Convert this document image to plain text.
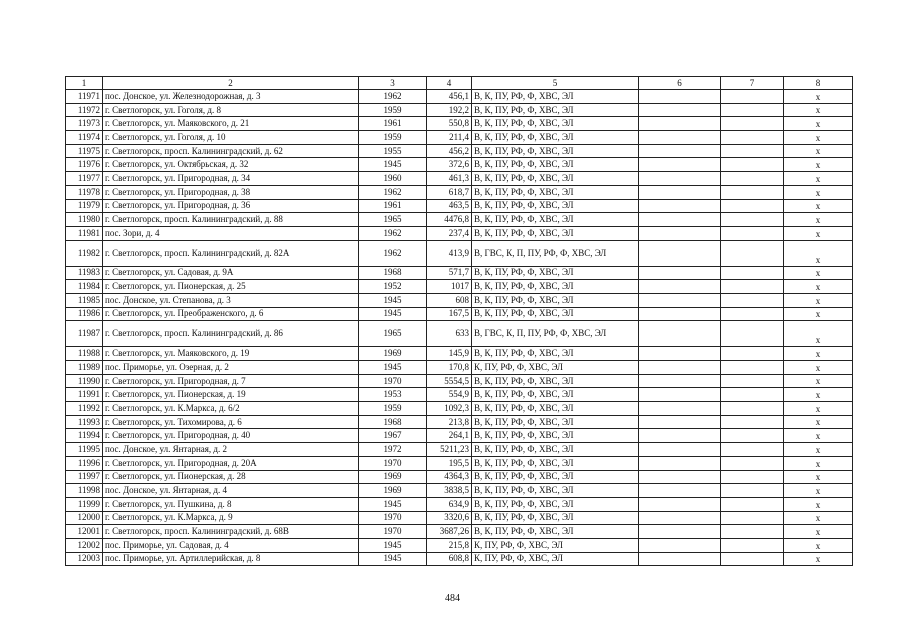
1	2	3	4	5	6	7	8
11971	пос. Донское, ул. Железнодорожная, д. 3	1962	456,1	В, К, ПУ, РФ, Ф, ХВС, ЭЛ			x
11972	г. Светлогорск, ул. Гоголя, д. 8	1959	192,2	В, К, ПУ, РФ, Ф, ХВС, ЭЛ			x
11973	г. Светлогорск, ул. Маяковского, д. 21	1961	550,8	В, К, ПУ, РФ, Ф, ХВС, ЭЛ			x
11974	г. Светлогорск, ул. Гоголя, д. 10	1959	211,4	В, К, ПУ, РФ, Ф, ХВС, ЭЛ			x
11975	г. Светлогорск, просп. Калининградский, д. 62	1955	456,2	В, К, ПУ, РФ, Ф, ХВС, ЭЛ			x
11976	г. Светлогорск, ул. Октябрьская, д. 32	1945	372,6	В, К, ПУ, РФ, Ф, ХВС, ЭЛ			x
11977	г. Светлогорск, ул. Пригородная, д. 34	1960	461,3	В, К, ПУ, РФ, Ф, ХВС, ЭЛ			x
11978	г. Светлогорск, ул. Пригородная, д. 38	1962	618,7	В, К, ПУ, РФ, Ф, ХВС, ЭЛ			x
11979	г. Светлогорск, ул. Пригородная, д. 36	1961	463,5	В, К, ПУ, РФ, Ф, ХВС, ЭЛ			x
11980	г. Светлогорск, просп. Калининградский, д. 88	1965	4476,8	В, К, ПУ, РФ, Ф, ХВС, ЭЛ			x
11981	пос. Зори, д. 4	1962	237,4	В, К, ПУ, РФ, Ф, ХВС, ЭЛ			x
11982	г. Светлогорск, просп. Калининградский, д. 82А	1962	413,9	В, ГВС, К, П, ПУ, РФ, Ф, ХВС, ЭЛ			x
11983	г. Светлогорск, ул. Садовая, д. 9А	1968	571,7	В, К, ПУ, РФ, Ф, ХВС, ЭЛ			x
11984	г. Светлогорск, ул. Пионерская, д. 25	1952	1017	В, К, ПУ, РФ, Ф, ХВС, ЭЛ			x
11985	пос. Донское, ул. Степанова, д. 3	1945	608	В, К, ПУ, РФ, Ф, ХВС, ЭЛ			x
11986	г. Светлогорск, ул. Преображенского, д. 6	1945	167,5	В, К, ПУ, РФ, Ф, ХВС, ЭЛ			x
11987	г. Светлогорск, просп. Калининградский, д. 86	1965	633	В, ГВС, К, П, ПУ, РФ, Ф, ХВС, ЭЛ			x
11988	г. Светлогорск, ул. Маяковского, д. 19	1969	145,9	В, К, ПУ, РФ, Ф, ХВС, ЭЛ			x
11989	пос. Приморье, ул. Озерная, д. 2	1945	170,8	К, ПУ, РФ, Ф, ХВС, ЭЛ			x
11990	г. Светлогорск, ул. Пригородная, д. 7	1970	5554,5	В, К, ПУ, РФ, Ф, ХВС, ЭЛ			x
11991	г. Светлогорск, ул. Пионерская, д. 19	1953	554,9	В, К, ПУ, РФ, Ф, ХВС, ЭЛ			x
11992	г. Светлогорск, ул. К.Маркса, д. 6/2	1959	1092,3	В, К, ПУ, РФ, Ф, ХВС, ЭЛ			x
11993	г. Светлогорск, ул. Тихомирова, д. 6	1968	213,8	В, К, ПУ, РФ, Ф, ХВС, ЭЛ			x
11994	г. Светлогорск, ул. Пригородная, д. 40	1967	264,1	В, К, ПУ, РФ, Ф, ХВС, ЭЛ			x
11995	пос. Донское, ул. Янтарная, д. 2	1972	5211,23	В, К, ПУ, РФ, Ф, ХВС, ЭЛ			x
11996	г. Светлогорск, ул. Пригородная, д. 20А	1970	195,5	В, К, ПУ, РФ, Ф, ХВС, ЭЛ			x
11997	г. Светлогорск, ул. Пионерская, д. 28	1969	4364,3	В, К, ПУ, РФ, Ф, ХВС, ЭЛ			x
11998	пос. Донское, ул. Янтарная, д. 4	1969	3838,5	В, К, ПУ, РФ, Ф, ХВС, ЭЛ			x
11999	г. Светлогорск, ул. Пушкина, д. 8	1945	634,9	В, К, ПУ, РФ, Ф, ХВС, ЭЛ			x
12000	г. Светлогорск, ул. К.Маркса, д. 9	1970	3320,6	В, К, ПУ, РФ, Ф, ХВС, ЭЛ			x
12001	г. Светлогорск, просп. Калининградский, д. 68В	1970	3687,26	В, К, ПУ, РФ, Ф, ХВС, ЭЛ			x
12002	пос. Приморье, ул. Садовая, д. 4	1945	215,8	К, ПУ, РФ, Ф, ХВС, ЭЛ			x
12003	пос. Приморье, ул. Артиллерийская, д. 8	1945	608,8	К, ПУ, РФ, Ф, ХВС, ЭЛ			x
484
